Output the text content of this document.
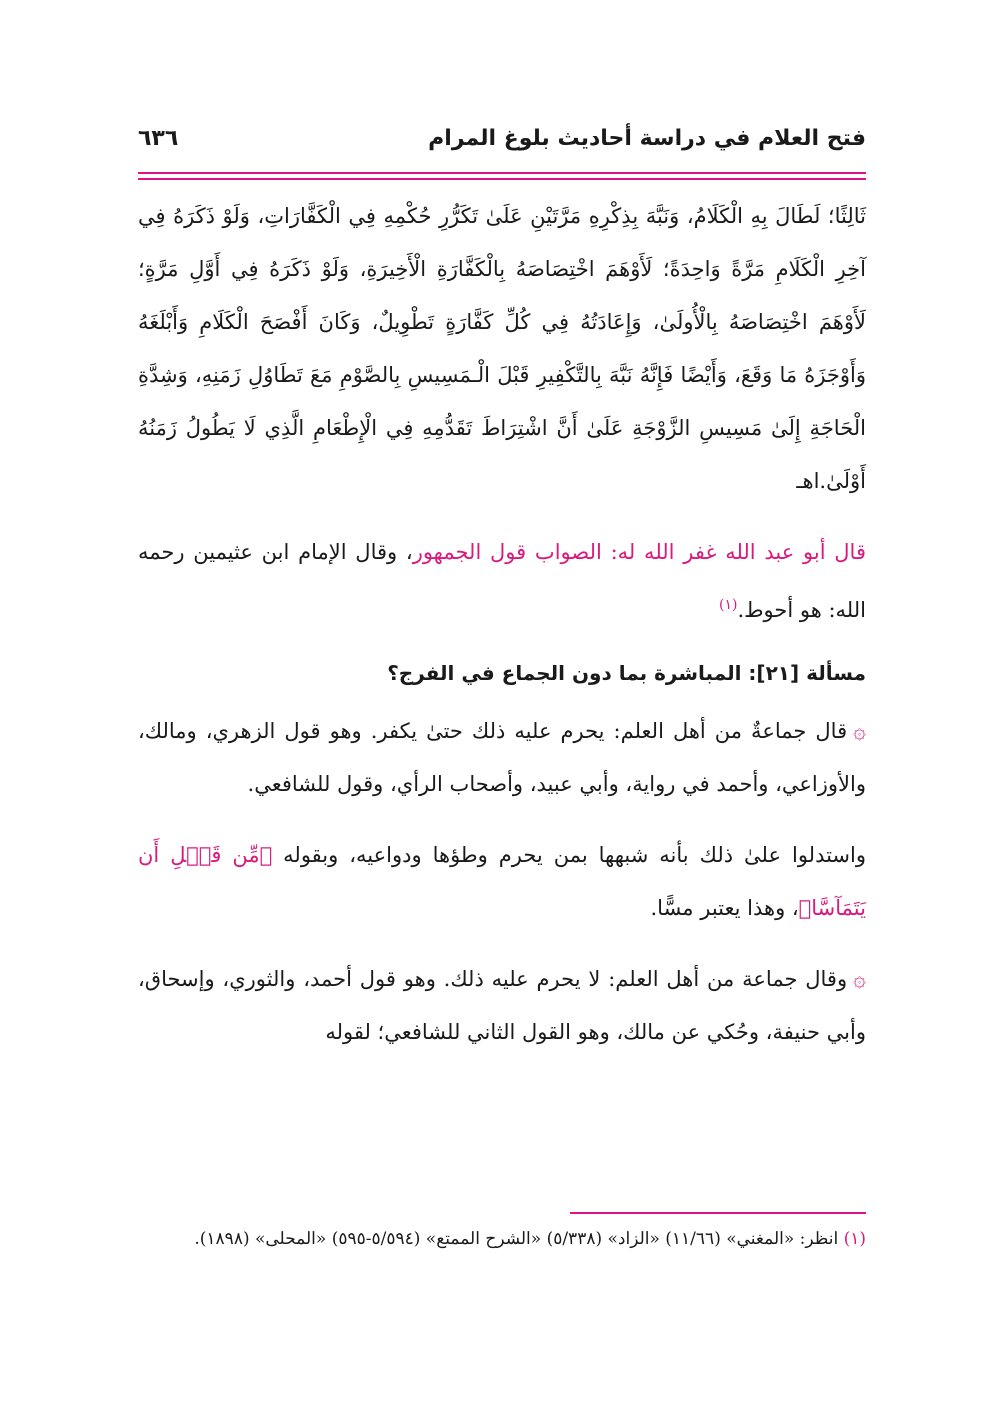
فتح العلام في دراسة أحاديث بلوغ المرام
٦٣٦

ثَالِثًا؛ لَطَالَ بِهِ الْكَلَامُ، وَنَبَّهَ بِذِكْرِهِ مَرَّتَيْنِ عَلَىٰ تَكَرُّرِ حُكْمِهِ فِي الْكَفَّارَاتِ، وَلَوْ ذَكَرَهُ فِي آخِرِ الْكَلَامِ مَرَّةً وَاحِدَةً؛ لَأَوْهَمَ اخْتِصَاصَهُ بِالْكَفَّارَةِ الْأَخِيرَةِ، وَلَوْ ذَكَرَهُ فِي أَوَّلِ مَرَّةٍ؛ لَأَوْهَمَ اخْتِصَاصَهُ بِالْأُولَىٰ، وَإِعَادَتُهُ فِي كُلِّ كَفَّارَةٍ تَطْوِيلٌ، وَكَانَ أَفْصَحَ الْكَلَامِ وَأَبْلَغَهُ وَأَوْجَزَهُ مَا وَقَعَ، وَأَيْضًا فَإِنَّهُ نَبَّهَ بِالتَّكْفِيرِ قَبْلَ الْـمَسِيسِ بِالصَّوْمِ مَعَ تَطَاوُلِ زَمَنِهِ، وَشِدَّةِ الْحَاجَةِ إِلَىٰ مَسِيسِ الزَّوْجَةِ عَلَىٰ أَنَّ اشْتِرَاطَ تَقَدُّمِهِ فِي الْإِطْعَامِ الَّذِي لَا يَطُولُ زَمَنُهُ أَوْلَىٰ.اهـ

قال أبو عبد الله غفر الله له: الصواب قول الجمهور، وقال الإمام ابن عثيمين رحمه الله: هو أحوط.$^{(١)}$

مسألة [٢١]: المباشرة بما دون الجماع في الفرج؟

۞قال جماعةٌ من أهل العلم: يحرم عليه ذلك حتىٰ يكفر. وهو قول الزهري، ومالك، والأوزاعي، وأحمد في رواية، وأبي عبيد، وأصحاب الرأي، وقول للشافعي.

واستدلوا علىٰ ذلك بأنه شبهها بمن يحرم وطؤها ودواعيه، وبقوله ﴿مِّن قَبۡلِ أَن يَتَمَآسَّا﴾، وهذا يعتبر مسًّا.

۞وقال جماعة من أهل العلم: لا يحرم عليه ذلك. وهو قول أحمد، والثوري، وإسحاق، وأبي حنيفة، وحُكي عن مالك، وهو القول الثاني للشافعي؛ لقوله

(١) انظر: «المغني» (١١/٦٦) «الزاد» (٥/٣٣٨) «الشرح الممتع» (٥/٥٩٤-٥٩٥) «المحلى» (١٨٩٨).
